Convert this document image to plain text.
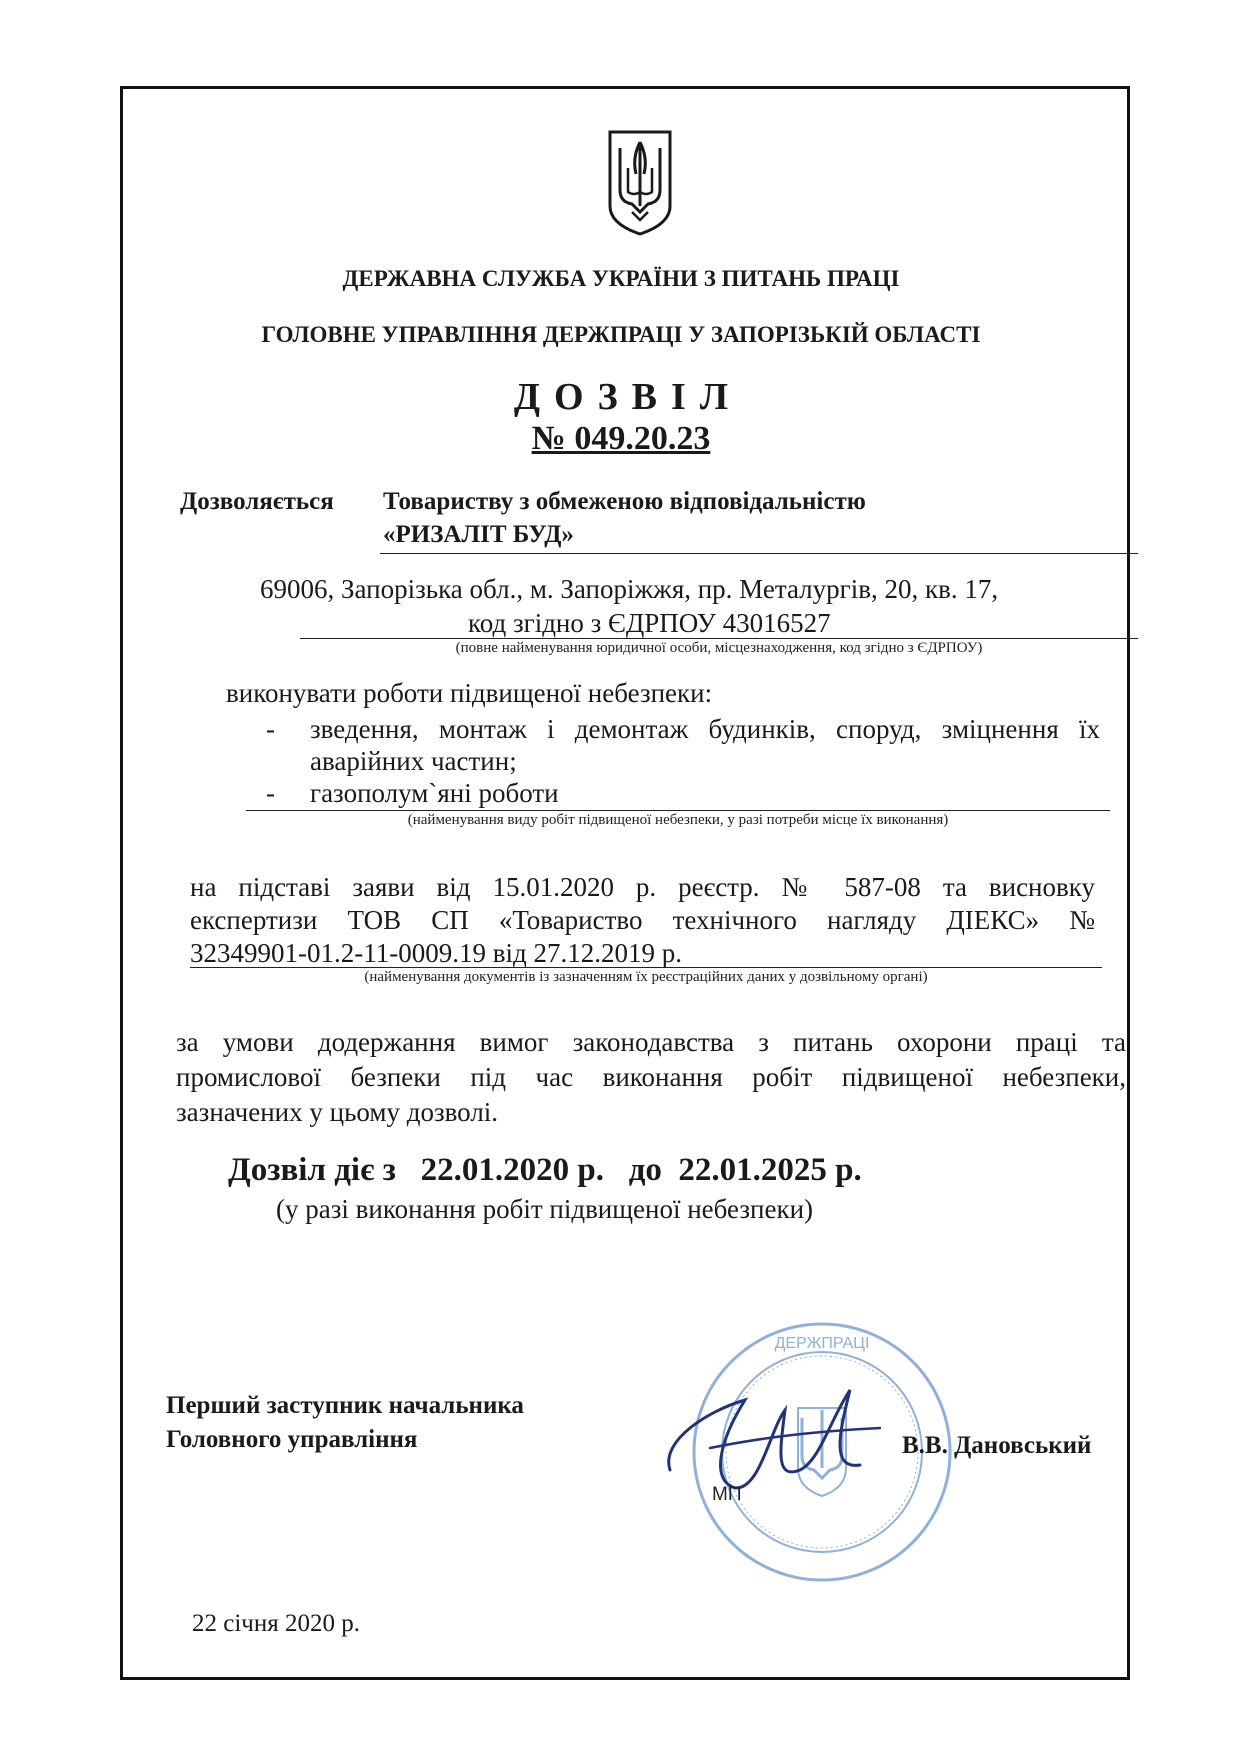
ДЕРЖАВНА СЛУЖБА УКРАЇНИ З ПИТАНЬ ПРАЦІ
ГОЛОВНЕ УПРАВЛІННЯ ДЕРЖПРАЦІ У ЗАПОРІЗЬКІЙ ОБЛАСТІ
ДОЗВІЛ
№ 049.20.23
Дозволяється Товариству з обмеженою відповідальністю
«РИЗАЛІТ БУД»
69006, Запорізька обл., м. Запоріжжя, пр. Металургів, 20, кв. 17,
код згідно з ЄДРПОУ 43016527
(повне найменування юридичної особи, місцезнаходження, код згідно з ЄДРПОУ)
виконувати роботи підвищеної небезпеки:
- зведення, монтаж і демонтаж будинків, споруд, зміцнення їх
аварійних частин;
- газополум`яні роботи
(найменування виду робіт підвищеної небезпеки, у разі потреби місце їх виконання)
на підставі заяви від 15.01.2020 р. реєстр. № 587-08 та висновку
експертизи ТОВ СП «Товариство технічного нагляду ДІЕКС» №
32349901-01.2-11-0009.19 від 27.12.2019 р.
(найменування документів із зазначенням їх реєстраційних даних у дозвільному органі)
за умови додержання вимог законодавства з питань охорони праці та
промислової безпеки під час виконання робіт підвищеної небезпеки,
зазначених у цьому дозволі.
Дозвіл діє з   22.01.2020 р.   до  22.01.2025 р.
(у разі виконання робіт підвищеної небезпеки)
ДЕРЖПРАЦІ
МП
Перший заступник начальника
Головного управління	В.В. Дановський
22 січня 2020 р.
